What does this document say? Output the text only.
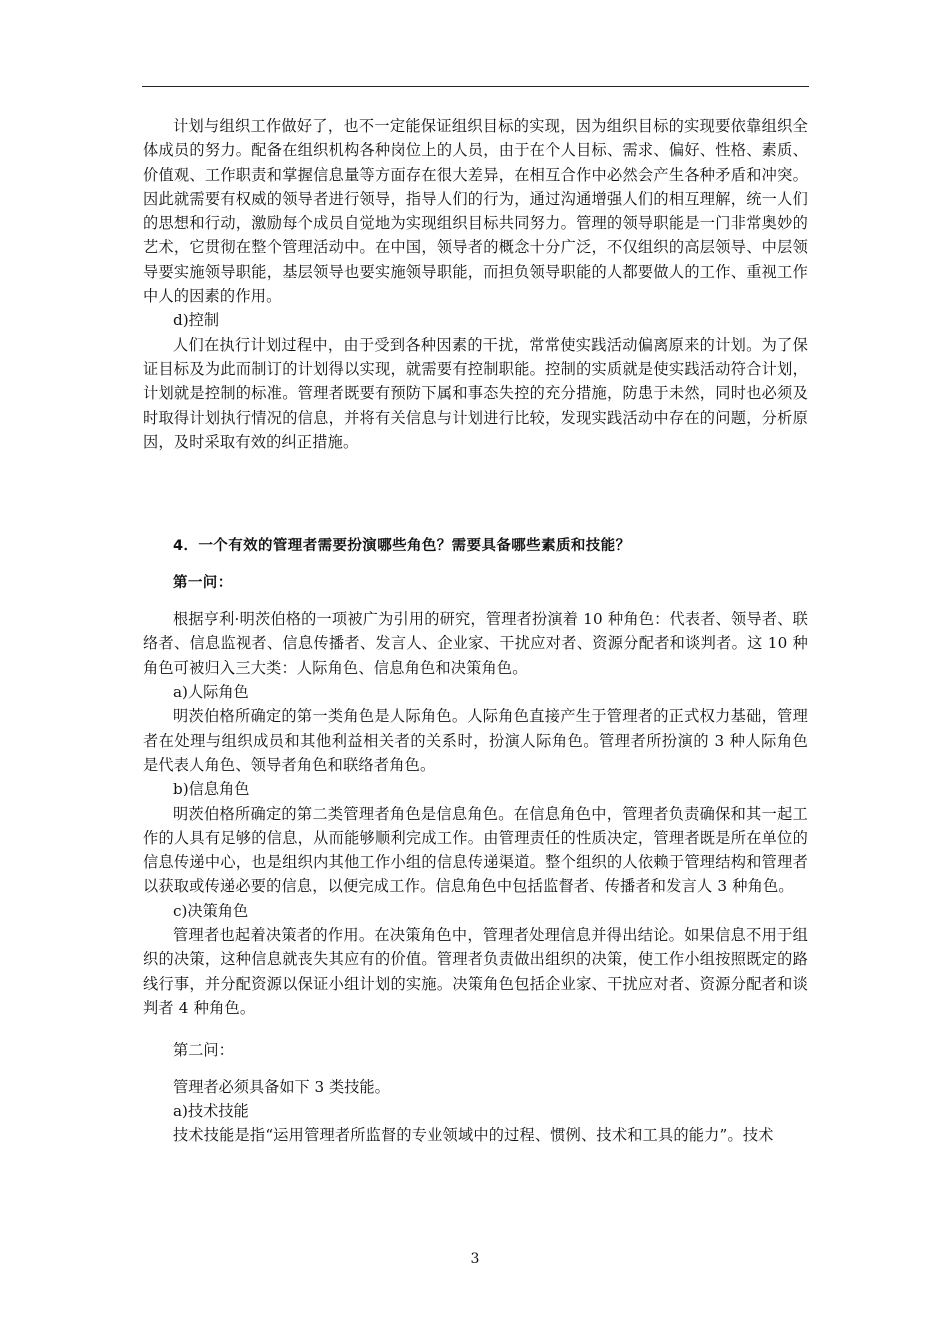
计划与组织工作做好了，也不一定能保证组织目标的实现，因为组织目标的实现要依靠组织全体成员的努力。配备在组织机构各种岗位上的人员，由于在个人目标、需求、偏好、性格、素质、价值观、工作职责和掌握信息量等方面存在很大差异，在相互合作中必然会产生各种矛盾和冲突。因此就需要有权威的领导者进行领导，指导人们的行为，通过沟通增强人们的相互理解，统一人们的思想和行动，激励每个成员自觉地为实现组织目标共同努力。管理的领导职能是一门非常奥妙的艺术，它贯彻在整个管理活动中。在中国，领导者的概念十分广泛，不仅组织的高层领导、中层领导要实施领导职能，基层领导也要实施领导职能，而担负领导职能的人都要做人的工作、重视工作中人的因素的作用。

d)控制

人们在执行计划过程中，由于受到各种因素的干扰，常常使实践活动偏离原来的计划。为了保证目标及为此而制订的计划得以实现，就需要有控制职能。控制的实质就是使实践活动符合计划，计划就是控制的标准。管理者既要有预防下属和事态失控的充分措施，防患于未然，同时也必须及时取得计划执行情况的信息，并将有关信息与计划进行比较，发现实践活动中存在的问题，分析原因，及时采取有效的纠正措施。

4．一个有效的管理者需要扮演哪些角色？需要具备哪些素质和技能？

第一问：

根据亨利·明茨伯格的一项被广为引用的研究，管理者扮演着 10 种角色：代表者、领导者、联络者、信息监视者、信息传播者、发言人、企业家、干扰应对者、资源分配者和谈判者。这 10 种角色可被归入三大类：人际角色、信息角色和决策角色。

a)人际角色

明茨伯格所确定的第一类角色是人际角色。人际角色直接产生于管理者的正式权力基础，管理者在处理与组织成员和其他利益相关者的关系时，扮演人际角色。管理者所扮演的 3 种人际角色是代表人角色、领导者角色和联络者角色。

b)信息角色

明茨伯格所确定的第二类管理者角色是信息角色。在信息角色中，管理者负责确保和其一起工作的人具有足够的信息，从而能够顺利完成工作。由管理责任的性质决定，管理者既是所在单位的信息传递中心，也是组织内其他工作小组的信息传递渠道。整个组织的人依赖于管理结构和管理者以获取或传递必要的信息，以便完成工作。信息角色中包括监督者、传播者和发言人 3 种角色。

c)决策角色

管理者也起着决策者的作用。在决策角色中，管理者处理信息并得出结论。如果信息不用于组织的决策，这种信息就丧失其应有的价值。管理者负责做出组织的决策，使工作小组按照既定的路线行事，并分配资源以保证小组计划的实施。决策角色包括企业家、干扰应对者、资源分配者和谈判者 4 种角色。

第二问：

管理者必须具备如下 3 类技能。

a)技术技能

技术技能是指“运用管理者所监督的专业领域中的过程、惯例、技术和工具的能力”。技术

3
